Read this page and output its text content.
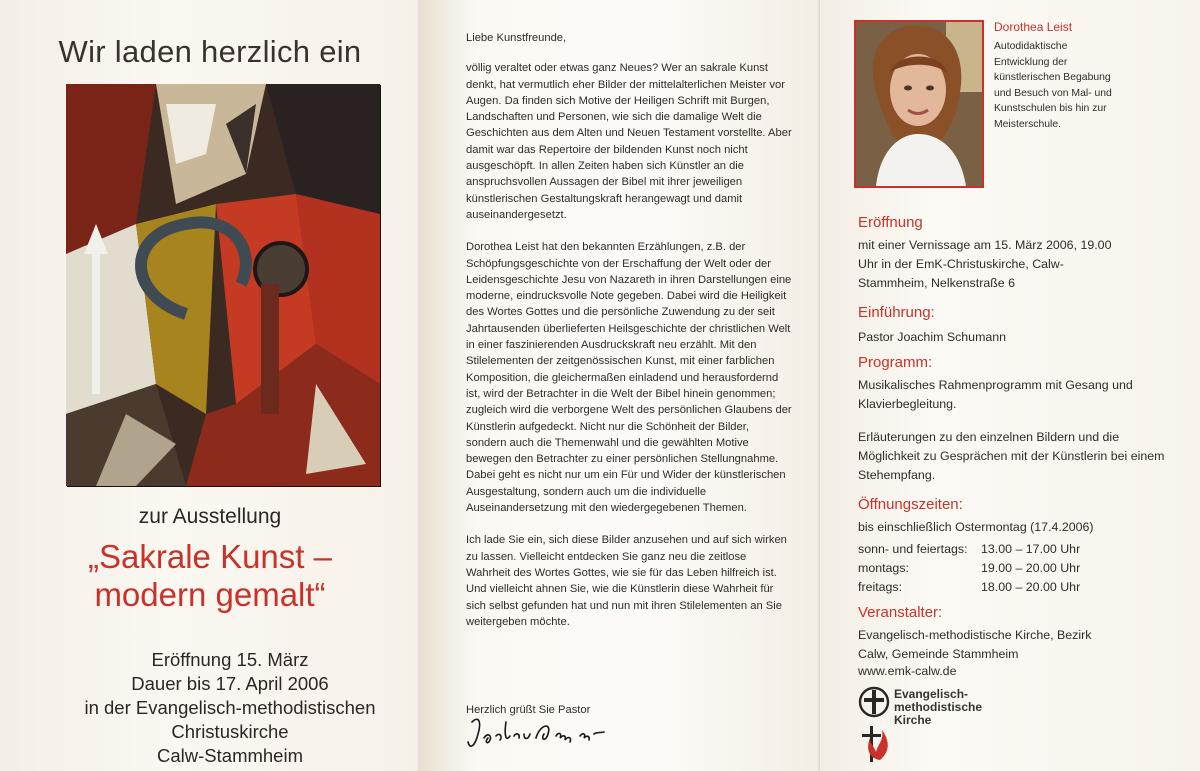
Wir laden herzlich ein
zur Ausstellung
„Sakrale Kunst –
modern gemalt“
Eröffnung 15. März
Dauer bis 17. April 2006
in der Evangelisch-methodistischen
Christuskirche
Calw-Stammheim

Liebe Kunstfreunde,

völlig veraltet oder etwas ganz Neues? Wer an sakrale Kunst denkt, hat vermutlich eher Bilder der mittelalterlichen Meister vor Augen. Da finden sich Motive der Heiligen Schrift mit Burgen, Landschaften und Personen, wie sich die damalige Welt die Geschichten aus dem Alten und Neuen Testament vorstellte. Aber damit war das Repertoire der bildenden Kunst noch nicht ausgeschöpft. In allen Zeiten haben sich Künstler an die anspruchsvollen Aussagen der Bibel mit ihrer jeweiligen künstlerischen Gestaltungskraft herangewagt und damit auseinandergesetzt.

Dorothea Leist hat den bekannten Erzählungen, z.B. der Schöpfungsgeschichte von der Erschaffung der Welt oder der Leidensgeschichte Jesu von Nazareth in ihren Darstellungen eine moderne, eindrucksvolle Note gegeben. Dabei wird die Heiligkeit des Wortes Gottes und die persönliche Zuwendung zu der seit Jahrtausenden überlieferten Heilsgeschichte der christlichen Welt in einer faszinierenden Ausdruckskraft neu erzählt. Mit den Stilelementen der zeitgenössischen Kunst, mit einer farblichen Komposition, die gleichermaßen einladend und herausfordernd ist, wird der Betrachter in die Welt der Bibel hinein genommen; zugleich wird die verborgene Welt des persönlichen Glaubens der Künstlerin aufgedeckt. Nicht nur die Schönheit der Bilder, sondern auch die Themenwahl und die gewählten Motive bewegen den Betrachter zu einer persönlichen Stellungnahme. Dabei geht es nicht nur um ein Für und Wider der künstlerischen Ausgestaltung, sondern auch um die individuelle Auseinandersetzung mit den wiedergegebenen Themen.

Ich lade Sie ein, sich diese Bilder anzusehen und auf sich wirken zu lassen. Vielleicht entdecken Sie ganz neu die zeitlose Wahrheit des Wortes Gottes, wie sie für das Leben hilfreich ist. Und vielleicht ahnen Sie, wie die Künstlerin diese Wahrheit für sich selbst gefunden hat und nun mit ihren Stilelementen an Sie weitergeben möchte.

Herzlich grüßt Sie Pastor

Dorothea Leist
Autodidaktische Entwicklung der künstlerischen Begabung und Besuch von Mal- und Kunstschulen bis hin zur Meisterschule.
Eröffnung
mit einer Vernissage am 15. März 2006, 19.00 Uhr in der EmK-Christuskirche, Calw-Stammheim, Nelkenstraße 6
Einführung:
Pastor Joachim Schumann
Programm:
Musikalisches Rahmenprogramm mit Gesang und Klavierbegleitung.
Erläuterungen zu den einzelnen Bildern und die Möglichkeit zu Gesprächen mit der Künstlerin bei einem Stehempfang.
Öffnungszeiten:
bis einschließlich Ostermontag (17.4.2006)
sonn- und feiertags:	13.00 – 17.00 Uhr
montags:	19.00 – 20.00 Uhr
freitags:	18.00 – 20.00 Uhr
Veranstalter:
Evangelisch-methodistische Kirche, Bezirk Calw, Gemeinde Stammheim
www.emk-calw.de
Evangelisch-
methodistische
Kirche
